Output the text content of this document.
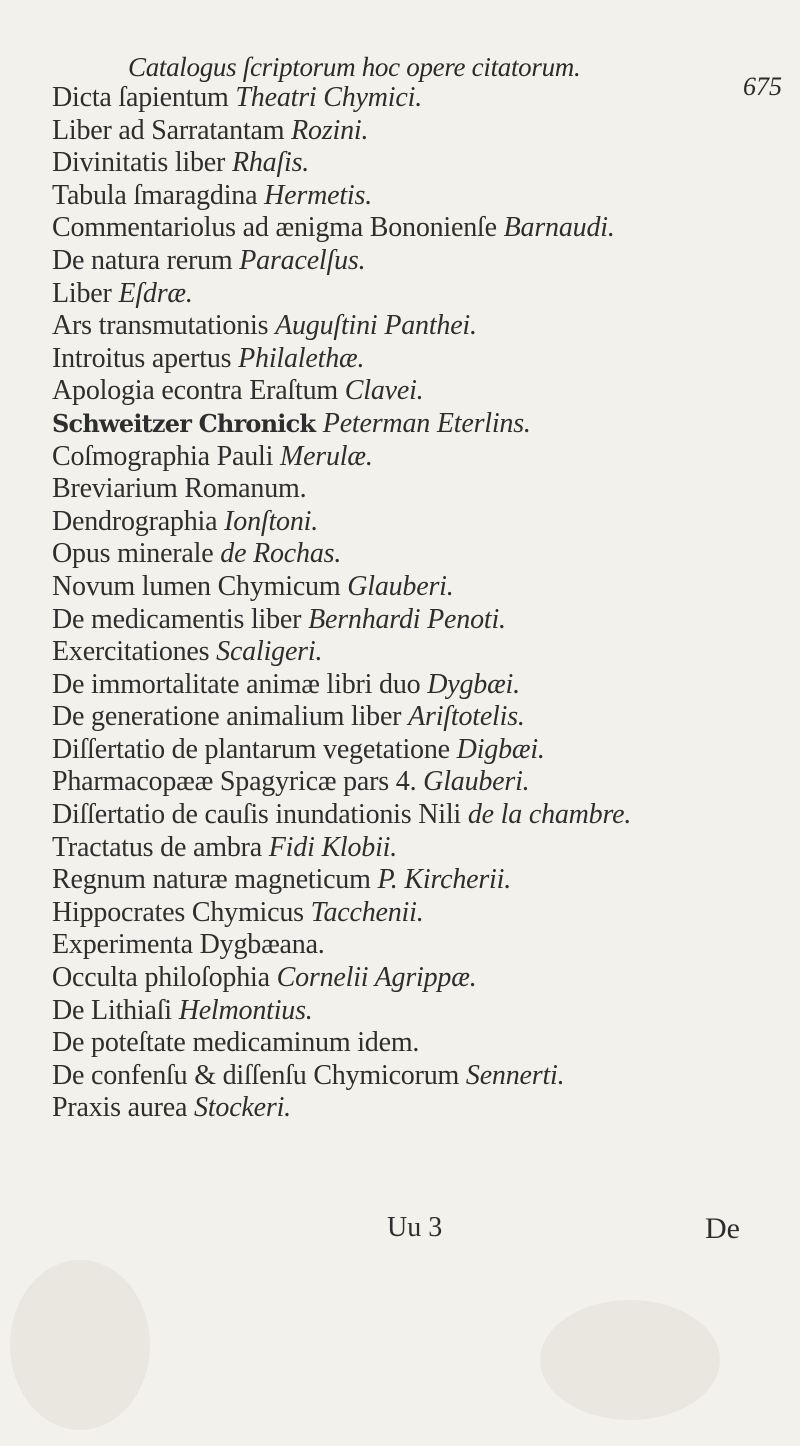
Catalogus ſcriptorum hoc opere citatorum.
675
Dicta ſapientum Theatri Chymici.
Liber ad Sarratantam Rozini.
Divinitatis liber Rhaſis.
Tabula ſmaragdina Hermetis.
Commentariolus ad ænigma Bononienſe Barnaudi.
De natura rerum Paracelſus.
Liber Eſdræ.
Ars transmutationis Auguſtini Panthei.
Introitus apertus Philalethæ.
Apologia econtra Eraſtum Clavei.
Schweitzer Chronick Peterman Eterlins.
Coſmographia Pauli Merulæ.
Breviarium Romanum.
Dendrographia Ionſtoni.
Opus minerale de Rochas.
Novum lumen Chymicum Glauberi.
De medicamentis liber Bernhardi Penoti.
Exercitationes Scaligeri.
De immortalitate animæ libri duo Dygbæi.
De generatione animalium liber Ariſtotelis.
Diſſertatio de plantarum vegetatione Digbæi.
Pharmacopææ Spagyricæ pars 4. Glauberi.
Diſſertatio de cauſis inundationis Nili de la chambre.
Tractatus de ambra Fidi Klobii.
Regnum naturæ magneticum P. Kircherii.
Hippocrates Chymicus Tacchenii.
Experimenta Dygbæana.
Occulta philoſophia Cornelii Agrippæ.
De Lithiaſi Helmontius.
De poteſtate medicaminum idem.
De confenſu & diſſenſu Chymicorum Sennerti.
Praxis aurea Stockeri.
Uu 3	De
